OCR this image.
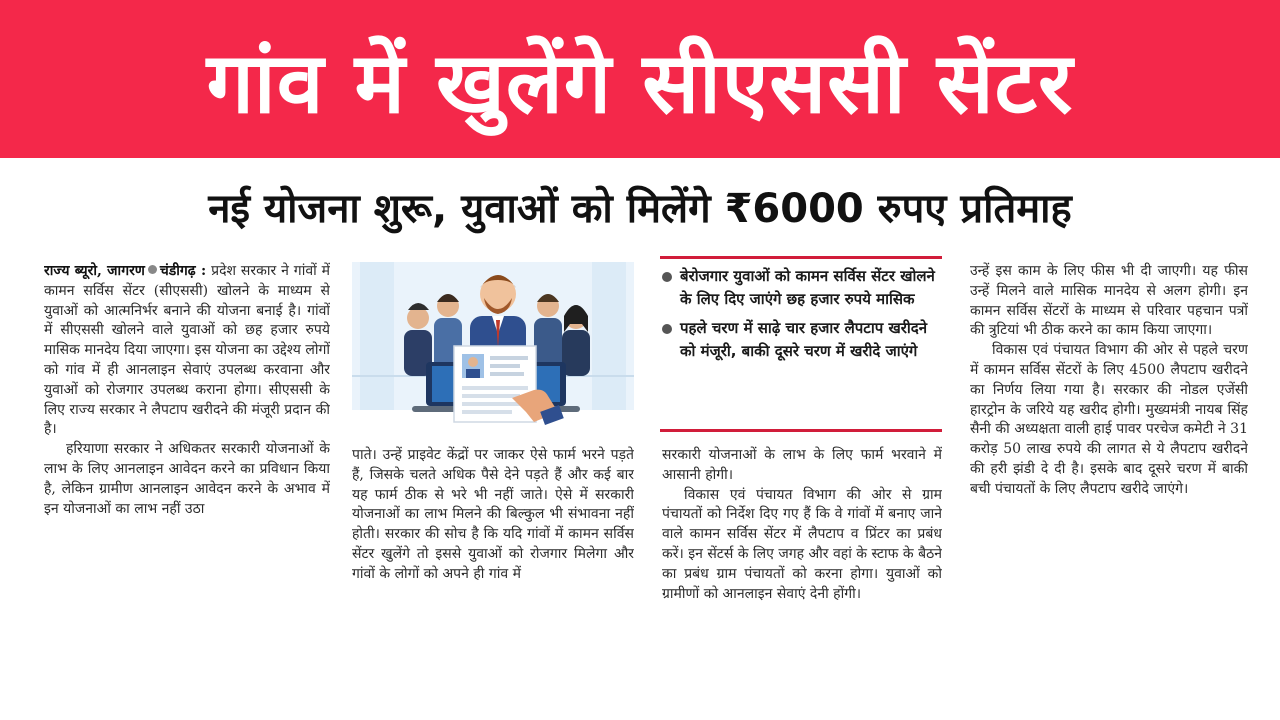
गांव में खुलेंगे सीएससी सेंटर
नई योजना शुरू, युवाओं को मिलेंगे ₹6000 रुपए प्रतिमाह

राज्य ब्यूरो, जागरण चंडीगढ़ : प्रदेश सरकार ने गांवों में कामन सर्विस सेंटर (सीएससी) खोलने के माध्यम से युवाओं को आत्मनिर्भर बनाने की योजना बनाई है। गांवों में सीएससी खोलने वाले युवाओं को छह हजार रुपये मासिक मानदेय दिया जाएगा। इस योजना का उद्देश्य लोगों को गांव में ही आनलाइन सेवाएं उपलब्ध करवाना और युवाओं को रोजगार उपलब्ध कराना होगा। सीएससी के लिए राज्य सरकार ने लैपटाप खरीदने की मंजूरी प्रदान की है।

हरियाणा सरकार ने अधिकतर सरकारी योजनाओं के लाभ के लिए आनलाइन आवेदन करने का प्रविधान किया है, लेकिन ग्रामीण आनलाइन आवेदन करने के अभाव में इन योजनाओं का लाभ नहीं उठा

पाते। उन्हें प्राइवेट केंद्रों पर जाकर ऐसे फार्म भरने पड़ते हैं, जिसके चलते अधिक पैसे देने पड़ते हैं और कई बार यह फार्म ठीक से भरे भी नहीं जाते। ऐसे में सरकारी योजनाओं का लाभ मिलने की बिल्कुल भी संभावना नहीं होती। सरकार की सोच है कि यदि गांवों में कामन सर्विस सेंटर खुलेंगे तो इससे युवाओं को रोजगार मिलेगा और गांवों के लोगों को अपने ही गांव में

बेरोजगार युवाओं को कामन सर्विस सेंटर खोलने के लिए दिए जाएंगे छह हजार रुपये मासिक
पहले चरण में साढ़े चार हजार लैपटाप खरीदने को मंजूरी, बाकी दूसरे चरण में खरीदे जाएंगे

सरकारी योजनाओं के लाभ के लिए फार्म भरवाने में आसानी होगी।

विकास एवं पंचायत विभाग की ओर से ग्राम पंचायतों को निर्देश दिए गए हैं कि वे गांवों में बनाए जाने वाले कामन सर्विस सेंटर में लैपटाप व प्रिंटर का प्रबंध करें। इन सेंटर्स के लिए जगह और वहां के स्टाफ के बैठने का प्रबंध ग्राम पंचायतों को करना होगा। युवाओं को ग्रामीणों को आनलाइन सेवाएं देनी होंगी।

उन्हें इस काम के लिए फीस भी दी जाएगी। यह फीस उन्हें मिलने वाले मासिक मानदेय से अलग होगी। इन कामन सर्विस सेंटरों के माध्यम से परिवार पहचान पत्रों की त्रुटियां भी ठीक करने का काम किया जाएगा।

विकास एवं पंचायत विभाग की ओर से पहले चरण में कामन सर्विस सेंटरों के लिए 4500 लैपटाप खरीदने का निर्णय लिया गया है। सरकार की नोडल एजेंसी हारट्रोन के जरिये यह खरीद होगी। मुख्यमंत्री नायब सिंह सैनी की अध्यक्षता वाली हाई पावर परचेज कमेटी ने 31 करोड़ 50 लाख रुपये की लागत से ये लैपटाप खरीदने की हरी झंडी दे दी है। इसके बाद दूसरे चरण में बाकी बची पंचायतों के लिए लैपटाप खरीदे जाएंगे।
